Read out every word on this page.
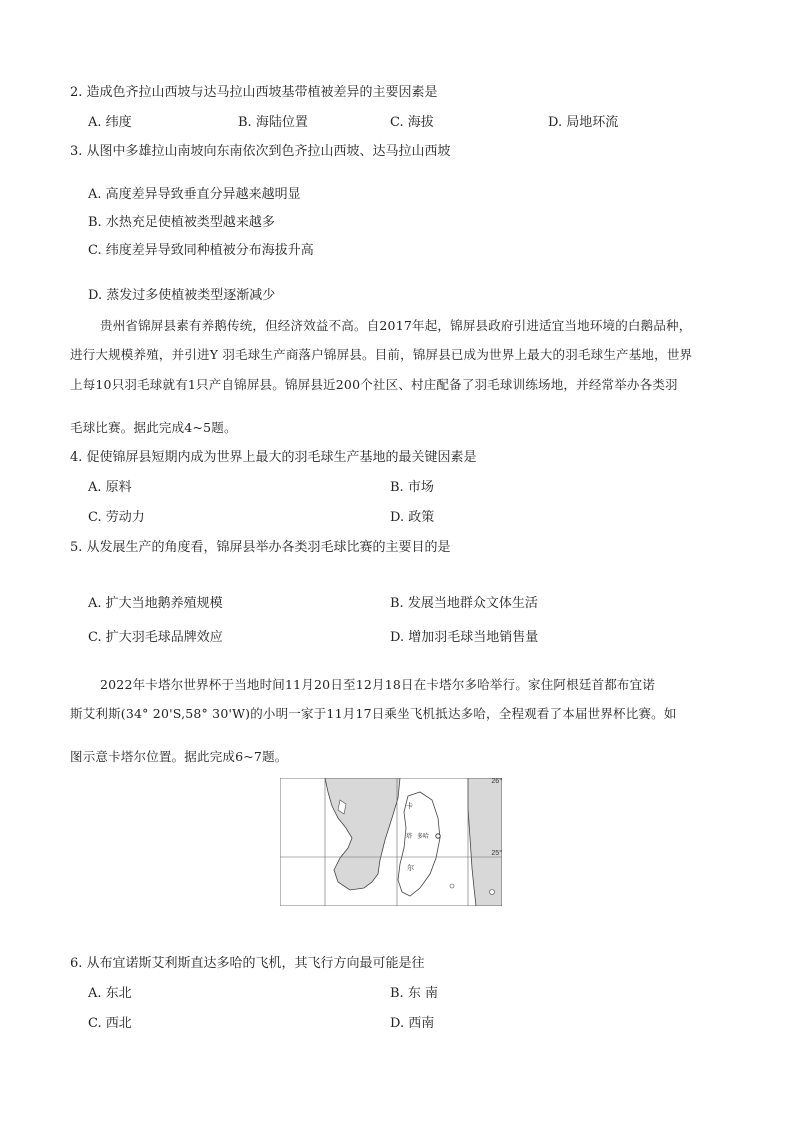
2. 造成色齐拉山西坡与达马拉山西坡基带植被差异的主要因素是
A. 纬度	B. 海陆位置	C. 海拔	D. 局地环流
3. 从图中多雄拉山南坡向东南依次到色齐拉山西坡、达马拉山西坡
A. 高度差异导致垂直分异越来越明显
B. 水热充足使植被类型越来越多
C. 纬度差异导致同种植被分布海拔升高
D. 蒸发过多使植被类型逐渐减少
贵州省锦屏县素有养鹅传统，但经济效益不高。自2017年起，锦屏县政府引进适宜当地环境的白鹅品种，
进行大规模养殖，并引进Y 羽毛球生产商落户锦屏县。目前，锦屏县已成为世界上最大的羽毛球生产基地，世界
上每10只羽毛球就有1只产自锦屏县。锦屏县近200个社区、村庄配备了羽毛球训练场地，并经常举办各类羽
毛球比赛。据此完成4~5题。
4. 促使锦屏县短期内成为世界上最大的羽毛球生产基地的最关键因素是
A. 原料	B. 市场
C. 劳动力	D. 政策
5. 从发展生产的角度看，锦屏县举办各类羽毛球比赛的主要目的是
A. 扩大当地鹅养殖规模	B. 发展当地群众文体生活
C. 扩大羽毛球品牌效应	D. 增加羽毛球当地销售量
2022年卡塔尔世界杯于当地时间11月20日至12月18日在卡塔尔多哈举行。家住阿根廷首都布宜诺
斯艾利斯(34° 20'S,58° 30'W)的小明一家于11月17日乘坐飞机抵达多哈，全程观看了本届世界杯比赛。如
图示意卡塔尔位置。据此完成6~7题。
26°
25°
卡
塔 多哈
尔
6. 从布宜诺斯艾利斯直达多哈的飞机，其飞行方向最可能是往
A. 东北	B. 东 南
C. 西北	D. 西南
